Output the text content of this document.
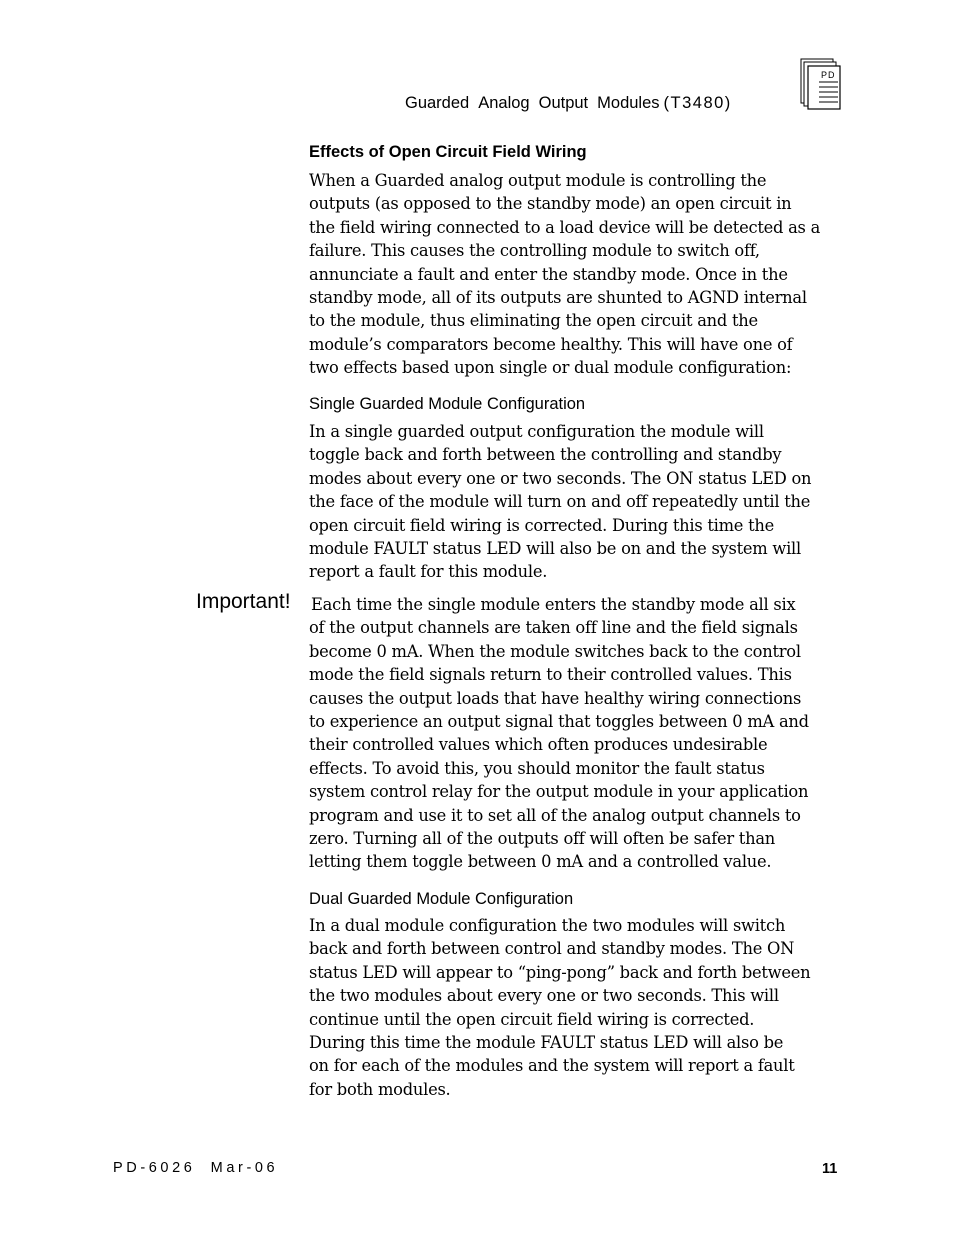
Guarded Analog Output Modules (T3480)
PD
Effects of Open Circuit Field Wiring
When a Guarded analog output module is controlling the
outputs (as opposed to the standby mode) an open circuit in
the field wiring connected to a load device will be detected as a
failure. This causes the controlling module to switch off,
annunciate a fault and enter the standby mode. Once in the
standby mode, all of its outputs are shunted to AGND internal
to the module, thus eliminating the open circuit and the
module’s comparators become healthy. This will have one of
two effects based upon single or dual module configuration:
Single Guarded Module Configuration
In a single guarded output configuration the module will
toggle back and forth between the controlling and standby
modes about every one or two seconds. The ON status LED on
the face of the module will turn on and off repeatedly until the
open circuit field wiring is corrected. During this time the
module FAULT status LED will also be on and the system will
report a fault for this module.
Important! Each time the single module enters the standby mode all six
of the output channels are taken off line and the field signals
become 0 mA. When the module switches back to the control
mode the field signals return to their controlled values. This
causes the output loads that have healthy wiring connections
to experience an output signal that toggles between 0 mA and
their controlled values which often produces undesirable
effects. To avoid this, you should monitor the fault status
system control relay for the output module in your application
program and use it to set all of the analog output channels to
zero. Turning all of the outputs off will often be safer than
letting them toggle between 0 mA and a controlled value.
Dual Guarded Module Configuration
In a dual module configuration the two modules will switch
back and forth between control and standby modes. The ON
status LED will appear to “ping-pong” back and forth between
the two modules about every one or two seconds. This will
continue until the open circuit field wiring is corrected.
During this time the module FAULT status LED will also be
on for each of the modules and the system will report a fault
for both modules.
PD-6026  Mar-06	11
